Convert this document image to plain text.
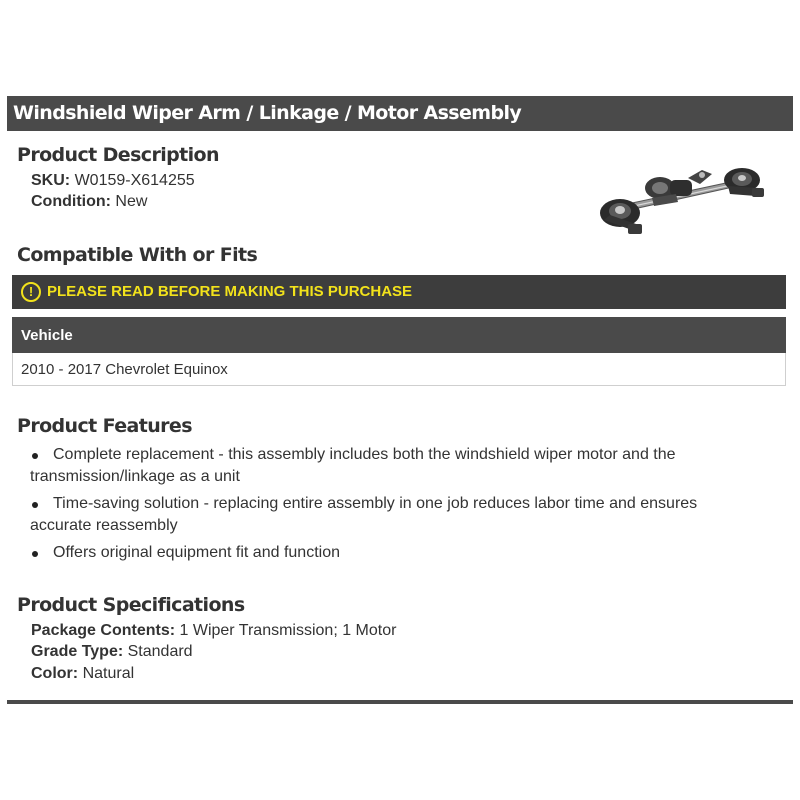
Windshield Wiper Arm / Linkage / Motor Assembly
Product Description
SKU: W0159-X614255
Condition: New
Compatible With or Fits
! PLEASE READ BEFORE MAKING THIS PURCHASE
Vehicle
2010 - 2017 Chevrolet Equinox
Product Features
Complete replacement - this assembly includes both the windshield wiper motor and the transmission/linkage as a unit
Time-saving solution - replacing entire assembly in one job reduces labor time and ensures accurate reassembly
Offers original equipment fit and function
Product Specifications
Package Contents: 1 Wiper Transmission; 1 Motor
Grade Type: Standard
Color: Natural
